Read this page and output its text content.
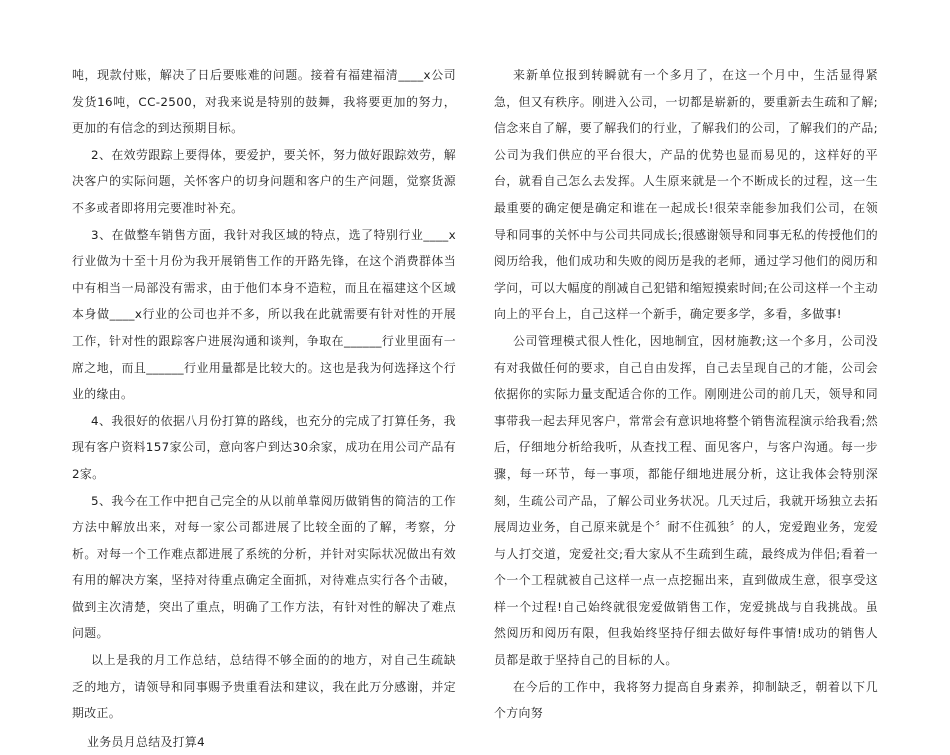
吨，现款付账，解决了日后要账难的问题。接着有福建福清____x公司发货16吨，CC-2500，对我来说是特别的鼓舞，我将要更加的努力，更加的有信念的到达预期目标。

2、在效劳跟踪上要得体，要爱护，要关怀，努力做好跟踪效劳，解决客户的实际问题，关怀客户的切身问题和客户的生产问题，觉察货源不多或者即将用完要准时补充。

3、在做整车销售方面，我针对我区域的特点，选了特别行业____x行业做为十至十月份为我开展销售工作的开路先锋，在这个消费群体当中有相当一局部没有需求，由于他们本身不造粒，而且在福建这个区域本身做____x行业的公司也并不多，所以我在此就需要有针对性的开展工作，针对性的跟踪客户进展沟通和谈判，争取在______行业里面有一席之地，而且______行业用量都是比较大的。这也是我为何选择这个行业的缘由。

4、我很好的依据八月份打算的路线，也充分的完成了打算任务，我现有客户资料157家公司，意向客户到达30余家，成功在用公司产品有2家。

5、我今在工作中把自己完全的从以前单靠阅历做销售的简洁的工作方法中解放出来，对每一家公司都进展了比较全面的了解，考察，分析。对每一个工作难点都进展了系统的分析，并针对实际状况做出有效有用的解决方案，坚持对待重点确定全面抓，对待难点实行各个击破，做到主次清楚，突出了重点，明确了工作方法，有针对性的解决了难点问题。

以上是我的月工作总结，总结得不够全面的的地方，对自己生疏缺乏的地方，请领导和同事赐予贵重看法和建议，我在此万分感谢，并定期改正。

业务员月总结及打算4

来新单位报到转瞬就有一个多月了，在这一个月中，生活显得紧急，但又有秩序。刚进入公司，一切都是崭新的，要重新去生疏和了解;信念来自了解，要了解我们的行业，了解我们的公司，了解我们的产品;公司为我们供应的平台很大，产品的优势也显而易见的，这样好的平台，就看自己怎么去发挥。人生原来就是一个不断成长的过程，这一生最重要的确定便是确定和谁在一起成长!很荣幸能参加我们公司，在领导和同事的关怀中与公司共同成长;很感谢领导和同事无私的传授他们的阅历给我，他们成功和失败的阅历是我的老师，通过学习他们的阅历和学问，可以大幅度的削减自己犯错和缩短摸索时间;在公司这样一个主动向上的平台上，自己这样一个新手，确定要多学，多看，多做事!

公司管理模式很人性化，因地制宜，因材施教;这一个多月，公司没有对我做任何的要求，自己自由发挥，自己去呈现自己的才能，公司会依据你的实际力量支配适合你的工作。刚刚进公司的前几天，领导和同事带我一起去拜见客户，常常会有意识地将整个销售流程演示给我看;然后，仔细地分析给我听，从查找工程、面见客户，与客户沟通。每一步骤，每一环节，每一事项，都能仔细地进展分析，这让我体会特别深刻，生疏公司产品，了解公司业务状况。几天过后，我就开场独立去拓展周边业务，自己原来就是个〞耐不住孤独〞的人，宠爱跑业务，宠爱与人打交道，宠爱社交;看大家从不生疏到生疏，最终成为伴侣;看着一个一个工程就被自己这样一点一点挖掘出来，直到做成生意，很享受这样一个过程!自己始终就很宠爱做销售工作，宠爱挑战与自我挑战。虽然阅历和阅历有限，但我始终坚持仔细去做好每件事情!成功的销售人员都是敢于坚持自己的目标的人。

在今后的工作中，我将努力提高自身素养，抑制缺乏，朝着以下几个方向努
